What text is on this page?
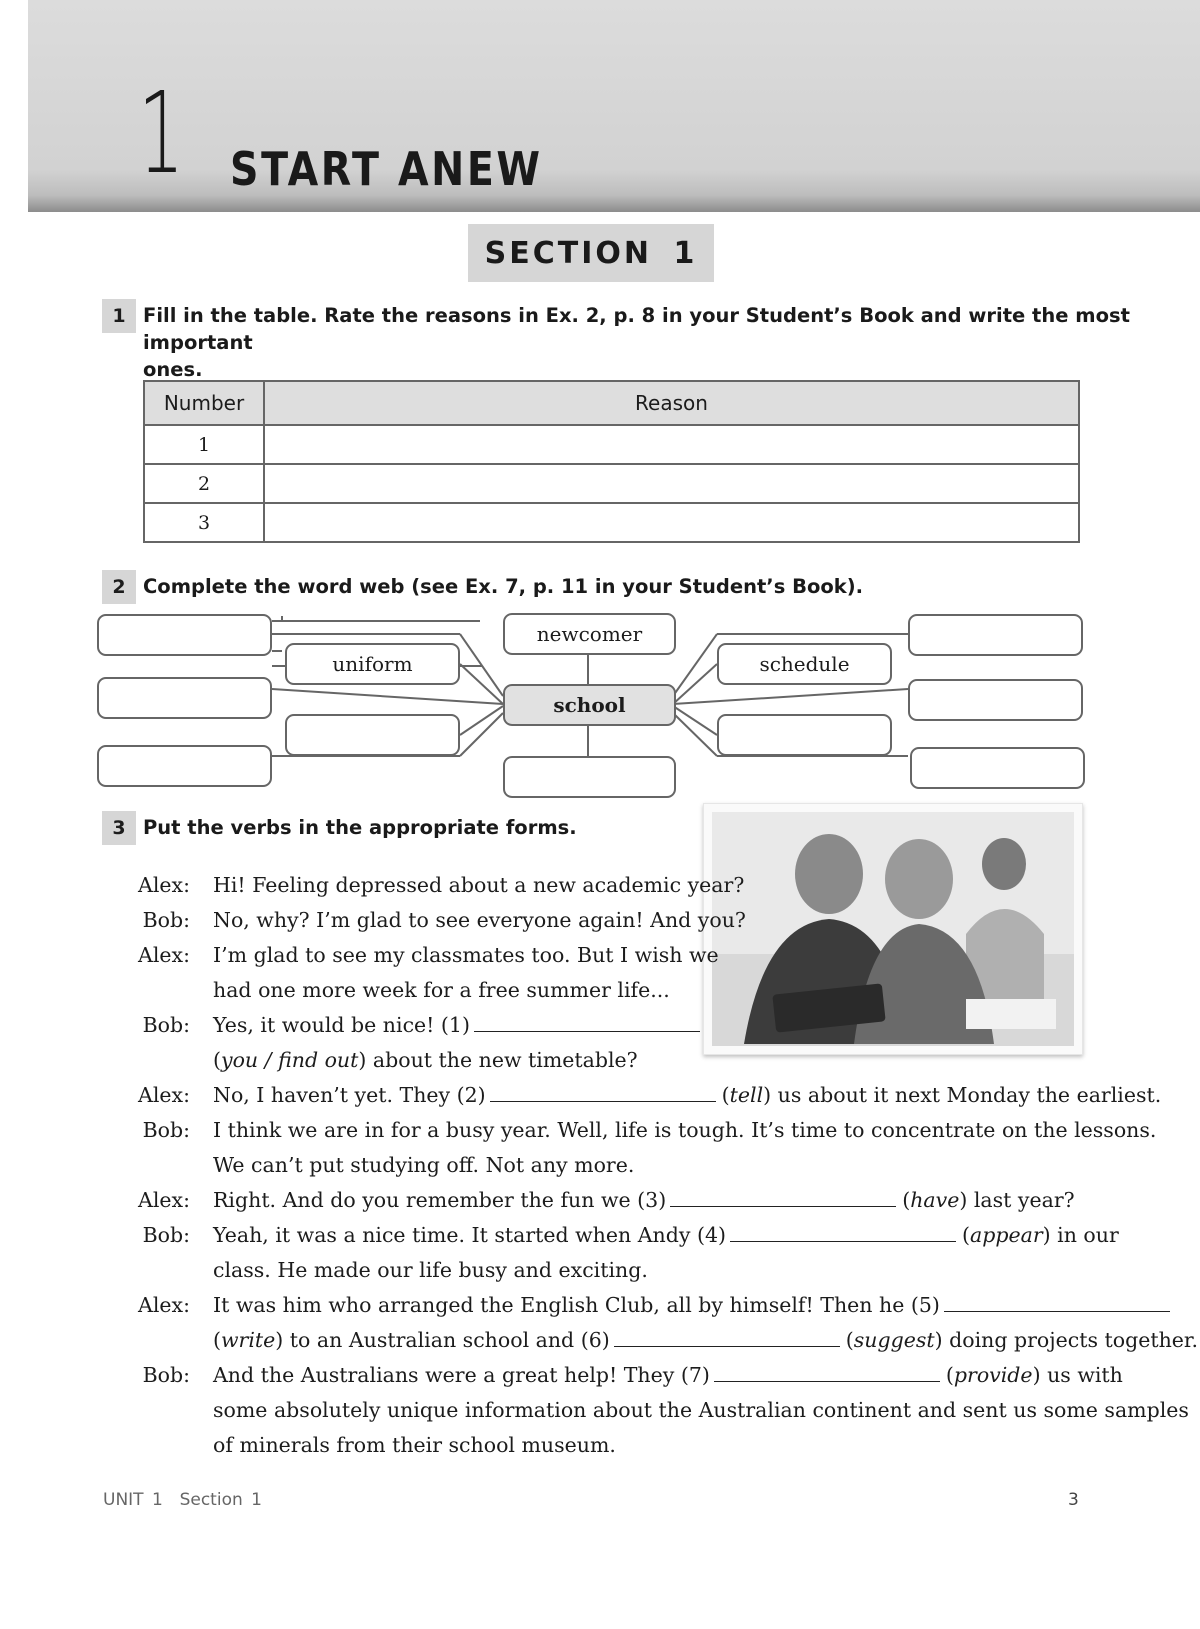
1 START ANEW
SECTION 1
1 Fill in the table. Rate the reasons in Ex. 2, p. 8 in your Student’s Book and write the most important
ones.
Number	Reason
1	
2	
3	
2 Complete the word web (see Ex. 7, p. 11 in your Student’s Book).
uniform
newcomer
school
schedule
3 Put the verbs in the appropriate forms.
Alex: Hi! Feeling depressed about a new academic year?
Bob: No, why? I’m glad to see everyone again! And you?
Alex: I’m glad to see my classmates too. But I wish we
had one more week for a free summer life...
Bob: Yes, it would be nice! (1)
(you / find out) about the new timetable?
Alex: No, I haven’t yet. They (2)	(tell) us about it next Monday the earliest.
Bob: I think we are in for a busy year. Well, life is tough. It’s time to concentrate on the lessons.
We can’t put studying off. Not any more.
Alex: Right. And do you remember the fun we (3)	(have) last year?
Bob: Yeah, it was a nice time. It started when Andy (4)	(appear) in our
class. He made our life busy and exciting.
Alex: It was him who arranged the English Club, all by himself! Then he (5)
(write) to an Australian school and (6)	(suggest) doing projects together.
Bob: And the Australians were a great help! They (7)	(provide) us with
some absolutely unique information about the Australian continent and sent us some samples
of minerals from their school museum.
UNIT 1  Section 1	3
